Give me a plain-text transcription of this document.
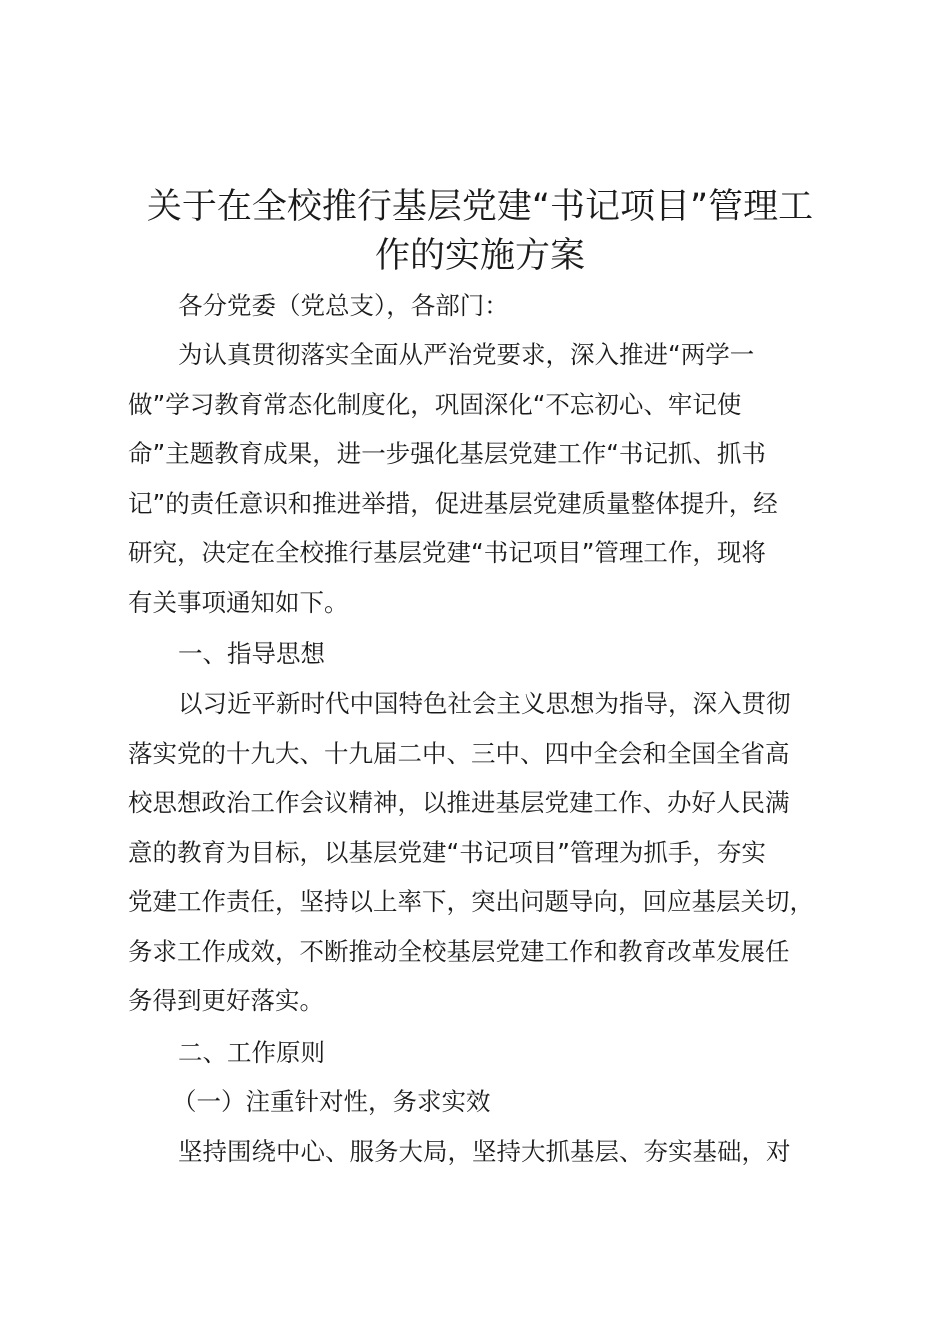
关于在全校推行基层党建“书记项目”管理工
作的实施方案

各分党委（党总支），各部门：

为认真贯彻落实全面从严治党要求，深入推进“两学一
做”学习教育常态化制度化，巩固深化“不忘初心、牢记使
命”主题教育成果，进一步强化基层党建工作“书记抓、抓书
记”的责任意识和推进举措，促进基层党建质量整体提升，经
研究，决定在全校推行基层党建“书记项目”管理工作，现将
有关事项通知如下。

一、指导思想

以习近平新时代中国特色社会主义思想为指导，深入贯彻
落实党的十九大、十九届二中、三中、四中全会和全国全省高
校思想政治工作会议精神，以推进基层党建工作、办好人民满
意的教育为目标，以基层党建“书记项目”管理为抓手，夯实
党建工作责任，坚持以上率下，突出问题导向，回应基层关切，
务求工作成效，不断推动全校基层党建工作和教育改革发展任
务得到更好落实。

二、工作原则

（一）注重针对性，务求实效

坚持围绕中心、服务大局，坚持大抓基层、夯实基础，对
